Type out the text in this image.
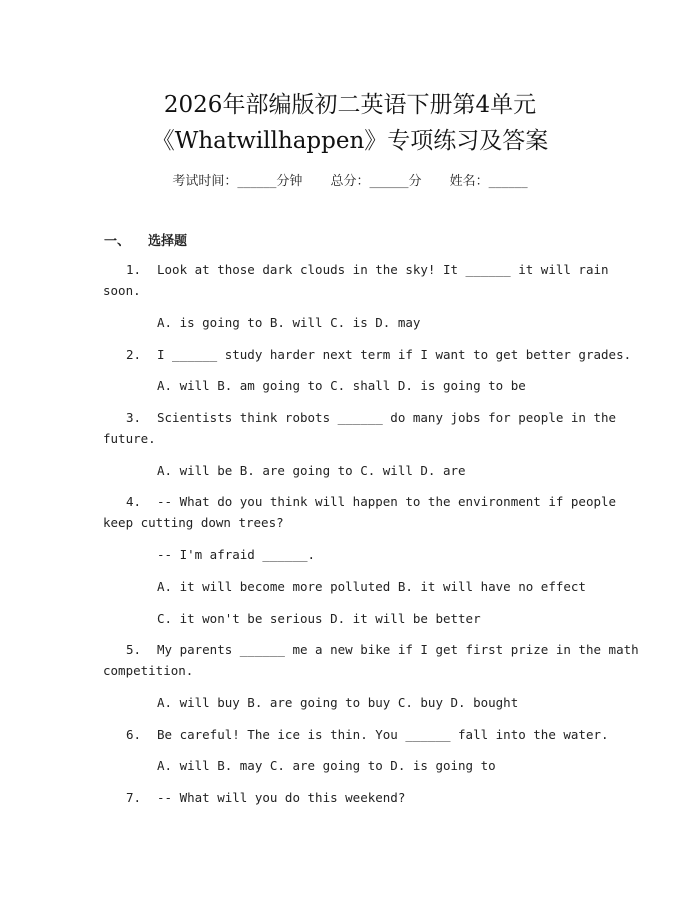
2026年部编版初二英语下册第4单元
《Whatwillhappen》专项练习及答案
考试时间：______分钟 总分：______分 姓名：______
一、 选择题
1. Look at those dark clouds in the sky! It ______ it will rain
soon.
A. is going to B. will C. is D. may
2. I ______ study harder next term if I want to get better grades.
A. will B. am going to C. shall D. is going to be
3. Scientists think robots ______ do many jobs for people in the
future.
A. will be B. are going to C. will D. are
4. -- What do you think will happen to the environment if people
keep cutting down trees?
-- I'm afraid ______.
A. it will become more polluted B. it will have no effect
C. it won't be serious D. it will be better
5. My parents ______ me a new bike if I get first prize in the math
competition.
A. will buy B. are going to buy C. buy D. bought
6. Be careful! The ice is thin. You ______ fall into the water.
A. will B. may C. are going to D. is going to
7. -- What will you do this weekend?
